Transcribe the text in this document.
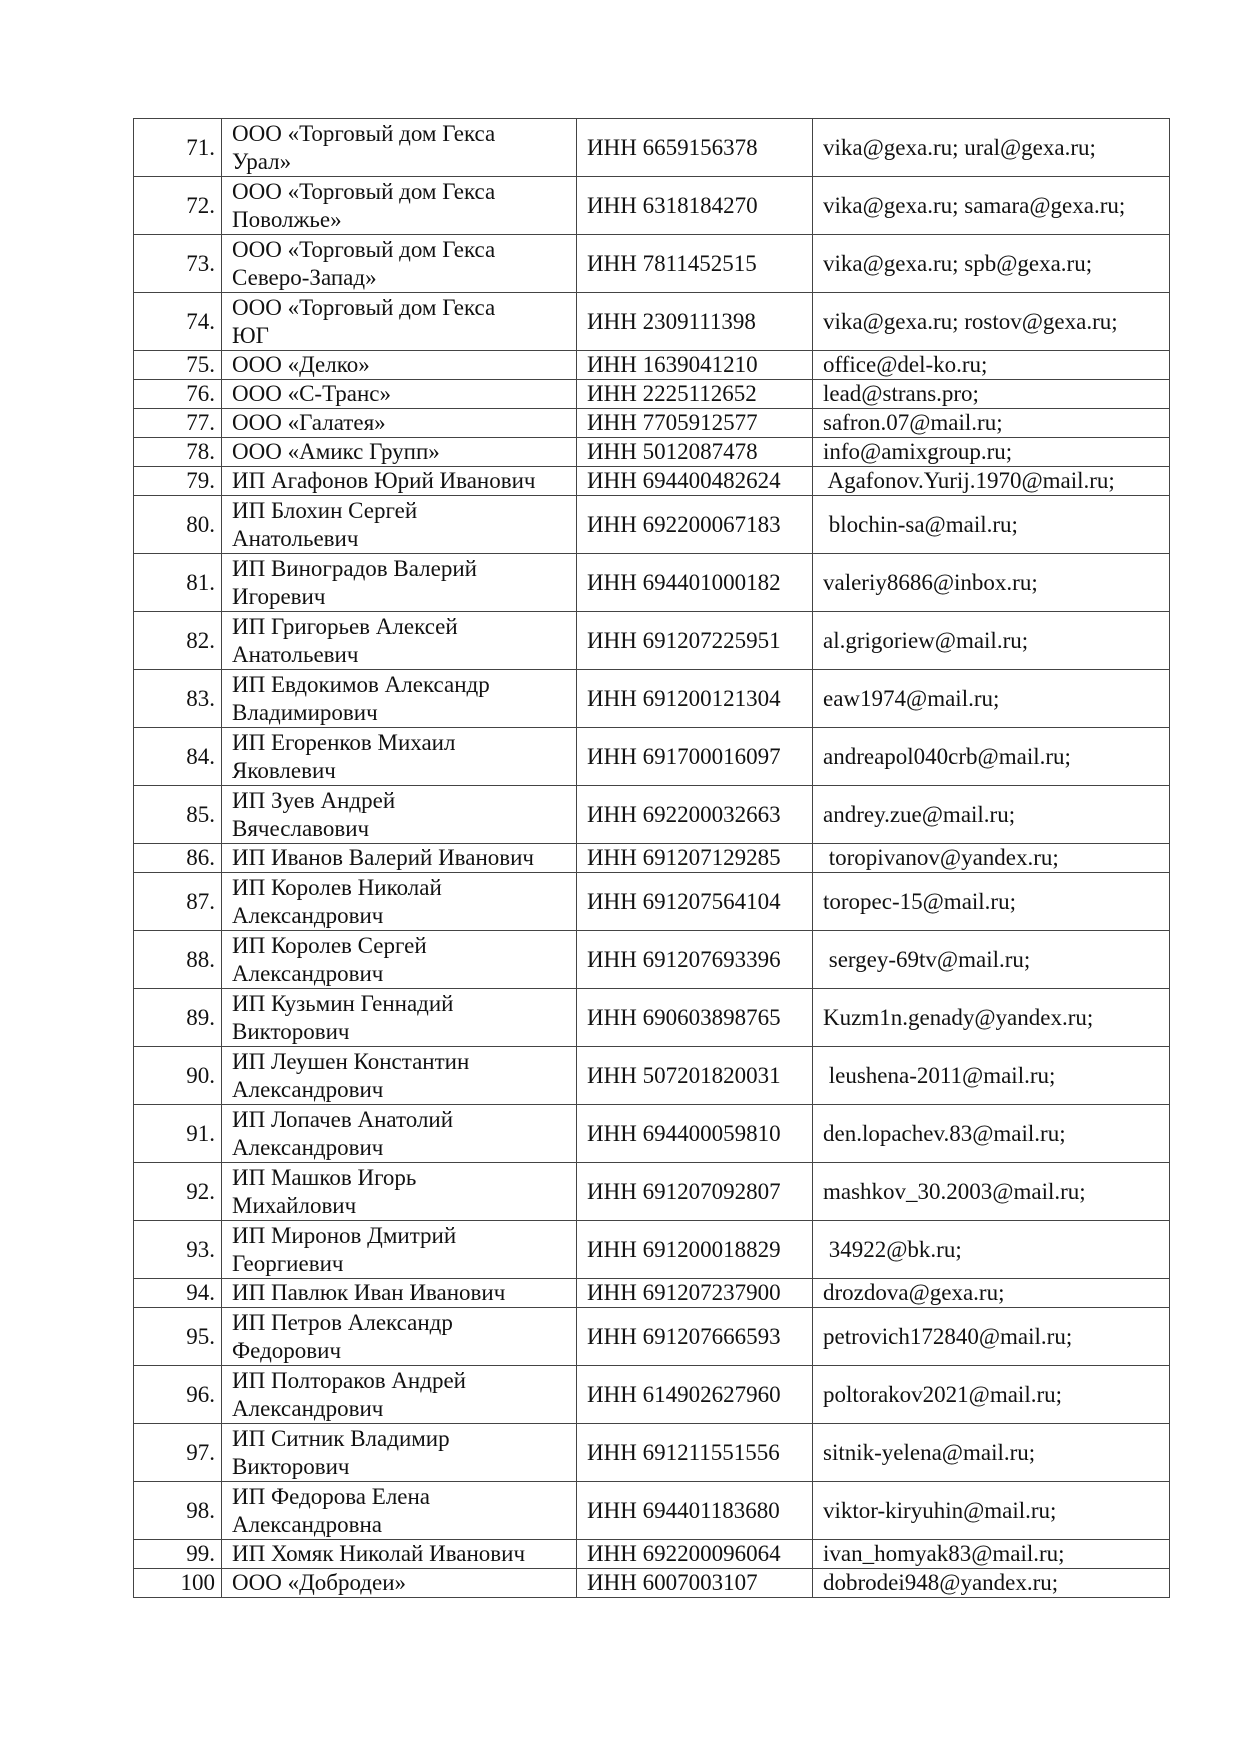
71.	ООО «Торговый дом Гекса
Урал»	ИНН 6659156378	vika@gexa.ru; ural@gexa.ru;
72.	ООО «Торговый дом Гекса
Поволжье»	ИНН 6318184270	vika@gexa.ru; samara@gexa.ru;
73.	ООО «Торговый дом Гекса
Северо-Запад»	ИНН 7811452515	vika@gexa.ru; spb@gexa.ru;
74.	ООО «Торговый дом Гекса
ЮГ	ИНН 2309111398	vika@gexa.ru; rostov@gexa.ru;
75.	ООО «Делко»	ИНН 1639041210	office@del-ko.ru;
76.	ООО «С-Транс»	ИНН 2225112652	lead@strans.pro;
77.	ООО «Галатея»	ИНН 7705912577	safron.07@mail.ru;
78.	ООО «Амикс Групп»	ИНН 5012087478	info@amixgroup.ru;
79.	ИП Агафонов Юрий Иванович	ИНН 694400482624	Agafonov.Yurij.1970@mail.ru;
80.	ИП Блохин Сергей
Анатольевич	ИНН 692200067183	blochin-sa@mail.ru;
81.	ИП Виноградов Валерий
Игоревич	ИНН 694401000182	valeriy8686@inbox.ru;
82.	ИП Григорьев Алексей
Анатольевич	ИНН 691207225951	al.grigoriew@mail.ru;
83.	ИП Евдокимов Александр
Владимирович	ИНН 691200121304	eaw1974@mail.ru;
84.	ИП Егоренков Михаил
Яковлевич	ИНН 691700016097	andreapol040crb@mail.ru;
85.	ИП Зуев Андрей
Вячеславович	ИНН 692200032663	andrey.zue@mail.ru;
86.	ИП Иванов Валерий Иванович	ИНН 691207129285	toropivanov@yandex.ru;
87.	ИП Королев Николай
Александрович	ИНН 691207564104	toropec-15@mail.ru;
88.	ИП Королев Сергей
Александрович	ИНН 691207693396	sergey-69tv@mail.ru;
89.	ИП Кузьмин Геннадий
Викторович	ИНН 690603898765	Kuzm1n.genady@yandex.ru;
90.	ИП Леушен Константин
Александрович	ИНН 507201820031	leushena-2011@mail.ru;
91.	ИП Лопачев Анатолий
Александрович	ИНН 694400059810	den.lopachev.83@mail.ru;
92.	ИП Машков Игорь
Михайлович	ИНН 691207092807	mashkov_30.2003@mail.ru;
93.	ИП Миронов Дмитрий
Георгиевич	ИНН 691200018829	34922@bk.ru;
94.	ИП Павлюк Иван Иванович	ИНН 691207237900	drozdova@gexa.ru;
95.	ИП Петров Александр
Федорович	ИНН 691207666593	petrovich172840@mail.ru;
96.	ИП Полтораков Андрей
Александрович	ИНН 614902627960	poltorakov2021@mail.ru;
97.	ИП Ситник Владимир
Викторович	ИНН 691211551556	sitnik-yelena@mail.ru;
98.	ИП Федорова Елена
Александровна	ИНН 694401183680	viktor-kiryuhin@mail.ru;
99.	ИП Хомяк Николай Иванович	ИНН 692200096064	ivan_homyak83@mail.ru;
100	ООО «Добродеи»	ИНН 6007003107	dobrodei948@yandex.ru;
